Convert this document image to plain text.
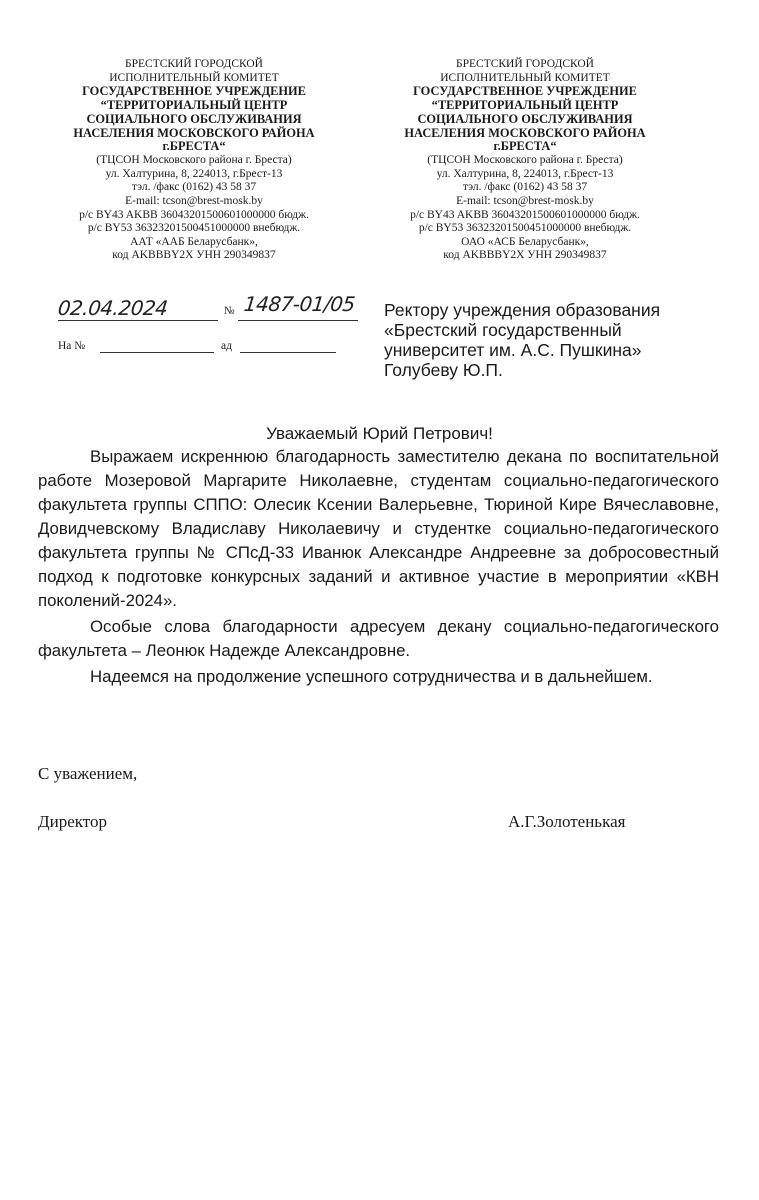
БРЕСТСКИЙ ГОРОДСКОЙ
ИСПОЛНИТЕЛЬНЫЙ КОМИТЕТ
ГОСУДАРСТВЕННОЕ УЧРЕЖДЕНИЕ
“ТЕРРИТОРИАЛЬНЫЙ ЦЕНТР
СОЦИАЛЬНОГО ОБСЛУЖИВАНИЯ
НАСЕЛЕНИЯ МОСКОВСКОГО РАЙОНА
г.БРЕСТА“
(ТЦСОН Московского района г. Бреста)
ул. Халтурина, 8, 224013, г.Брест-13
тэл. /факс (0162) 43 58 37
E-mail: tcson@brest-mosk.by
р/с BY43 AKBB 36043201500601000000 бюдж.
р/с BY53 36323201500451000000 внебюдж.
ААТ «ААБ Беларусбанк»,
код AKBBBY2X УНН 290349837
БРЕСТСКИЙ ГОРОДСКОЙ
ИСПОЛНИТЕЛЬНЫЙ КОМИТЕТ
ГОСУДАРСТВЕННОЕ УЧРЕЖДЕНИЕ
“ТЕРРИТОРИАЛЬНЫЙ ЦЕНТР
СОЦИАЛЬНОГО ОБСЛУЖИВАНИЯ
НАСЕЛЕНИЯ МОСКОВСКОГО РАЙОНА
г.БРЕСТА“
(ТЦСОН Московского района г. Бреста)
ул. Халтурина, 8, 224013, г.Брест-13
тэл. /факс (0162) 43 58 37
E-mail: tcson@brest-mosk.by
р/с BY43 AKBB 36043201500601000000 бюдж.
р/с BY53 36323201500451000000 внебюдж.
ОАО «АСБ Беларусбанк»,
код AKBBBY2X УНН 290349837
02.04.2024	№ 1487-01/05
На №	ад
Ректору учреждения образования
«Брестский государственный
университет им. А.С. Пушкина»
Голубеву Ю.П.
Уважаемый Юрий Петрович!

Выражаем искреннюю благодарность заместителю декана по воспитательной работе Мозеровой Маргарите Николаевне, студентам социально-педагогического факультета группы СППО: Олесик Ксении Валерьевне, Тюриной Кире Вячеславовне, Довидчевскому Владиславу Николаевичу и студентке социально-педагогического факультета группы № СПсД-33 Иванюк Александре Андреевне за добросовестный подход к подготовке конкурсных заданий и активное участие в мероприятии «КВН поколений-2024».

Особые слова благодарности адресуем декану социально-педагогического факультета – Леонюк Надежде Александровне.

Надеемся на продолжение успешного сотрудничества и в дальнейшем.

С уважением,
Директор	А.Г.Золотенькая
